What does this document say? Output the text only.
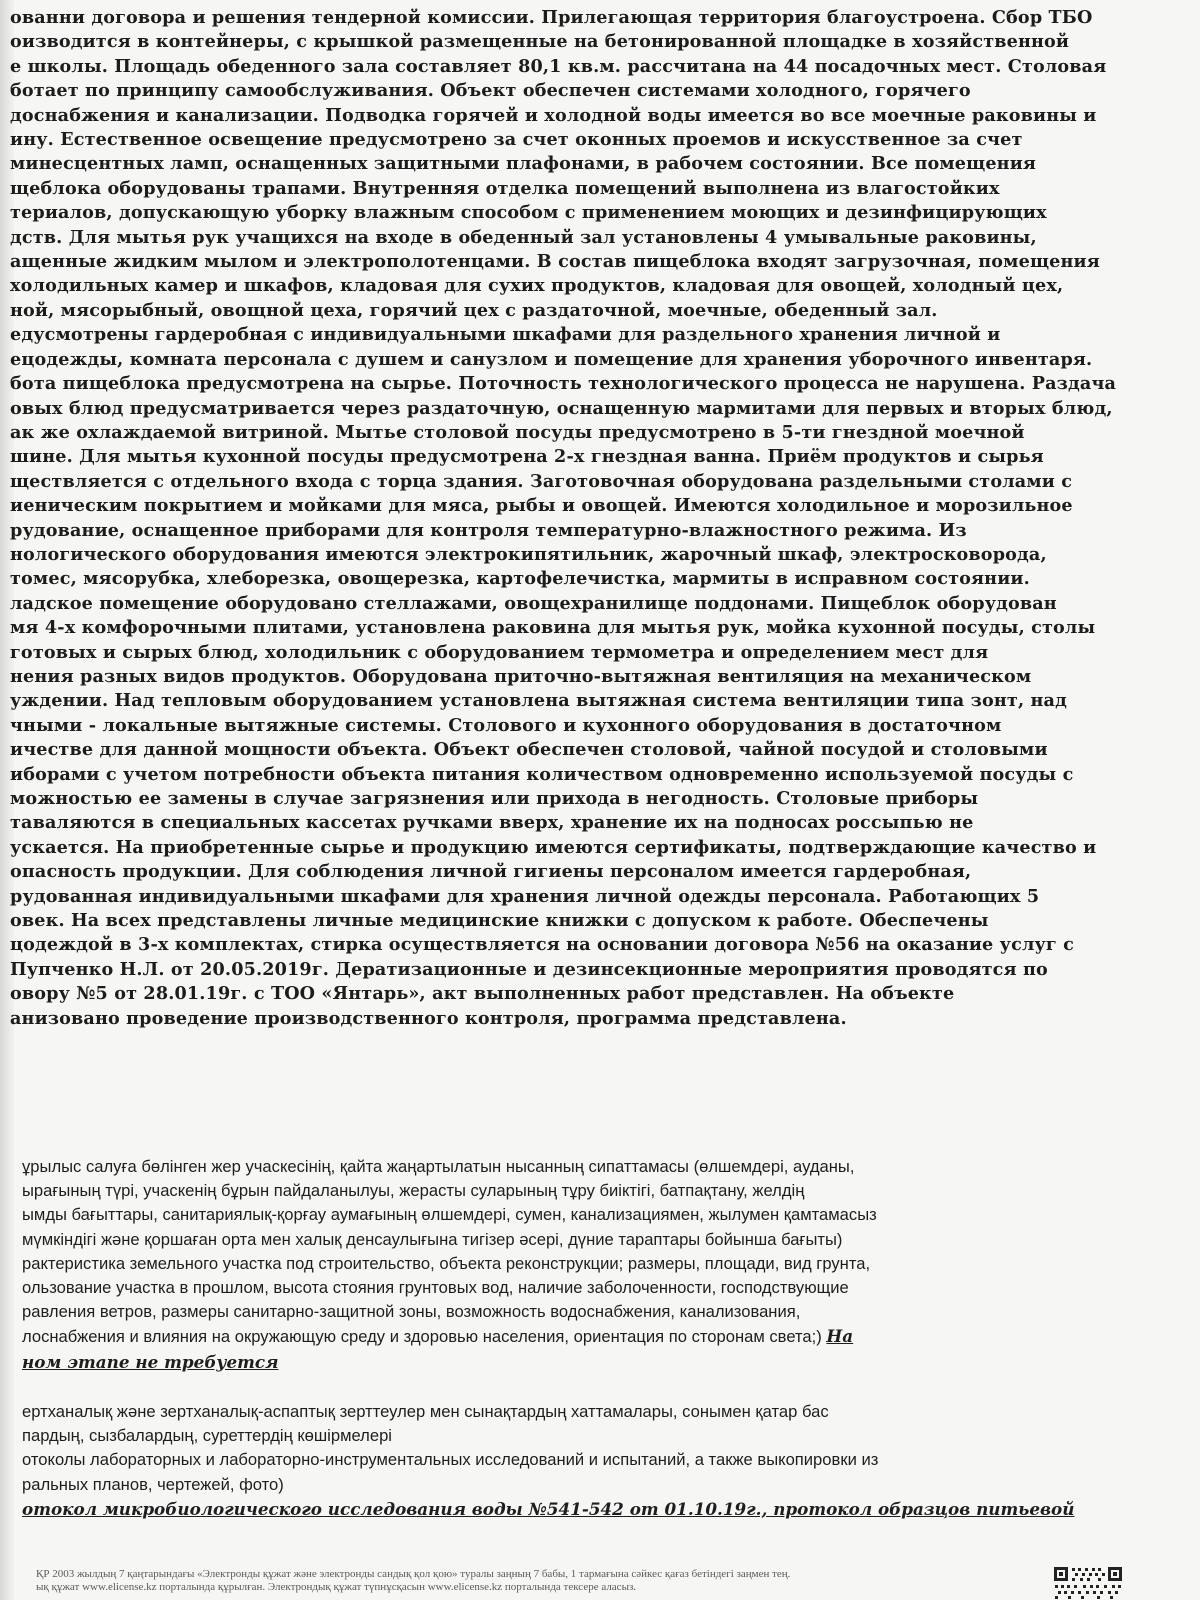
ованни договора и решения тендерной комиссии. Прилегающая территория благоустроена. Сбор ТБО
оизводится в контейнеры, с крышкой размещенные на бетонированной площадке в хозяйственной
е школы. Площадь обеденного зала составляет 80,1 кв.м. рассчитана на 44 посадочных мест. Столовая
ботает по принципу самообслуживания. Объект обеспечен системами холодного, горячего
доснабжения и канализации. Подводка горячей и холодной воды имеется во все моечные раковины и
ину. Естественное освещение предусмотрено за счет оконных проемов и искусственное за счет
минесцентных ламп, оснащенных защитными плафонами, в рабочем состоянии. Все помещения
щеблока оборудованы трапами. Внутренняя отделка помещений выполнена из влагостойких
териалов, допускающую уборку влажным способом с применением моющих и дезинфицирующих
дств. Для мытья рук учащихся на входе в обеденный зал установлены 4 умывальные раковины,
ащенные жидким мылом и электрополотенцами. В состав пищеблока входят загрузочная, помещения
холодильных камер и шкафов, кладовая для сухих продуктов, кладовая для овощей, холодный цех,
ной, мясорыбный, овощной цеха, горячий цех с раздаточной, моечные, обеденный зал.
едусмотрены гардеробная с индивидуальными шкафами для раздельного хранения личной и
ецодежды, комната персонала с душем и санузлом и помещение для хранения уборочного инвентаря.
бота пищеблока предусмотрена на сырье. Поточность технологического процесса не нарушена. Раздача
овых блюд предусматривается через раздаточную, оснащенную мармитами для первых и вторых блюд,
ак же охлаждаемой витриной. Мытье столовой посуды предусмотрено в 5-ти гнездной моечной
шине. Для мытья кухонной посуды предусмотрена 2-х гнездная ванна. Приём продуктов и сырья
ществляется с отдельного входа с торца здания. Заготовочная оборудована раздельными столами с
иеническим покрытием и мойками для мяса, рыбы и овощей. Имеются холодильное и морозильное
рудование, оснащенное приборами для контроля температурно-влажностного режима. Из
нологического оборудования имеются электрокипятильник, жарочный шкаф, электросковорода,
томес, мясорубка, хлеборезка, овощерезка, картофелечистка, мармиты в исправном состоянии.
ладское помещение оборудовано стеллажами, овощехранилище поддонами. Пищеблок оборудован
мя 4-х комфорочными плитами, установлена раковина для мытья рук, мойка кухонной посуды, столы
готовых и сырых блюд, холодильник с оборудованием термометра и определением мест для
нения разных видов продуктов. Оборудована приточно-вытяжная вентиляция на механическом
уждении. Над тепловым оборудованием установлена вытяжная система вентиляции типа зонт, над
чными - локальные вытяжные системы. Столового и кухонного оборудования в достаточном
ичестве для данной мощности объекта. Объект обеспечен столовой, чайной посудой и столовыми
иборами с учетом потребности объекта питания количеством одновременно используемой посуды с
можностью ее замены в случае загрязнения или прихода в негодность. Столовые приборы
таваляются в специальных кассетах ручками вверх, хранение их на подносах россыпью не
ускается. На приобретенные сырье и продукцию имеются сертификаты, подтверждающие качество и
опасность продукции. Для соблюдения личной гигиены персоналом имеется гардеробная,
рудованная индивидуальными шкафами для хранения личной одежды персонала. Работающих 5
овек. На всех представлены личные медицинские книжки с допуском к работе. Обеспечены
цодеждой в 3-х комплектах, стирка осуществляется на основании договора №56 на оказание услуг с
Пупченко Н.Л. от 20.05.2019г. Дератизационные и дезинсекционные мероприятия проводятся по
овору №5 от 28.01.19г. с ТОО «Янтарь», акт выполненных работ представлен. На объекте
анизовано проведение производственного контроля, программа представлена.
ұрылыс салуға бөлінген жер учаскесінің, қайта жаңартылатын нысанның сипаттамасы (өлшемдері, ауданы,
ырағының түрі, учаскенің бұрын пайдаланылуы, жерасты суларының тұру биіктігі, батпақтану, желдің
ымды бағыттары, санитариялық-қорғау аумағының өлшемдері, сумен, канализациямен, жылумен қамтамасыз
мүмкіндігі және қоршаған орта мен халық денсаулығына тигізер әсері, дүние тараптары бойынша бағыты)
рактеристика земельного участка под строительство, объекта реконструкции; размеры, площади, вид грунта,
ользование участка в прошлом, высота стояния грунтовых вод, наличие заболоченности, господствующие
равления ветров, размеры санитарно-защитной зоны, возможность водоснабжения, канализования,
лоснабжения и влияния на окружающую среду и здоровью населения, ориентация по сторонам света;) На
ном этапе не требуется
ертханалық және зертханалық-аспаптық зерттеулер мен сынақтардың хаттамалары, сонымен қатар бас
пардың, сызбалардың, суреттердің көшірмелері
отоколы лабораторных и лабораторно-инструментальных исследований и испытаний, а также выкопировки из
ральных планов, чертежей, фото)
отокол микробиологического исследования воды №541-542 от 01.10.19г., протокол образцов питьевой
ҚР 2003 жылдың 7 қаңтарындағы «Электронды құжат және электронды сандық қол қою» туралы заңның 7 бабы, 1 тармағына сәйкес қағаз бетіндегі заңмен тең.
ық құжат www.elicense.kz порталында құрылған. Электрондық құжат түпнұсқасын www.elicense.kz порталында тексере аласыз.
